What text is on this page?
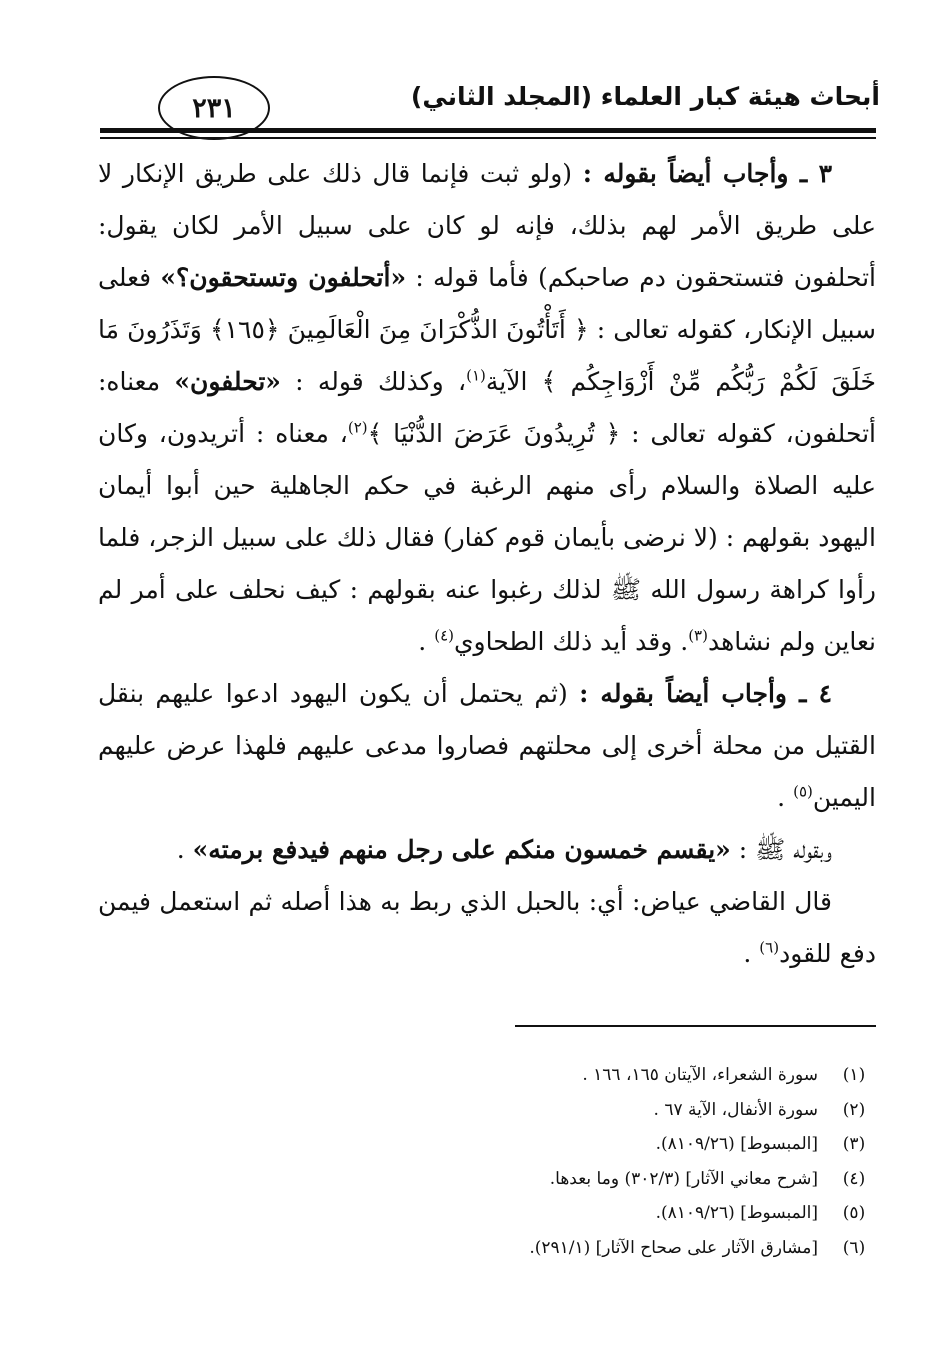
أبحاث هيئة كبار العلماء (المجلد الثاني)
٢٣١

٣ ـ وأجاب أيضاً بقوله : (ولو ثبت فإنما قال ذلك على طريق الإنكار لا على طريق الأمر لهم بذلك، فإنه لو كان على سبيل الأمر لكان يقول: أتحلفون فتستحقون دم صاحبكم) فأما قوله : «أتحلفون وتستحقون؟» فعلى سبيل الإنكار، كقوله تعالى : ﴿ أَتَأْتُونَ الذُّكْرَانَ مِنَ الْعَالَمِينَ ﴿١٦٥﴾ وَتَذَرُونَ مَا خَلَقَ لَكُمْ رَبُّكُم مِّنْ أَزْوَاجِكُم ﴾ الآية$^{(١)}$، وكذلك قوله : «تحلفون» معناه: أتحلفون، كقوله تعالى : ﴿ تُرِيدُونَ عَرَضَ الدُّنْيَا ﴾$^{(٢)}$، معناه : أتريدون، وكان عليه الصلاة والسلام رأى منهم الرغبة في حكم الجاهلية حين أبوا أيمان اليهود بقولهم : (لا نرضى بأيمان قوم كفار) فقال ذلك على سبيل الزجر، فلما رأوا كراهة رسول الله ﷺ لذلك رغبوا عنه بقولهم : كيف نحلف على أمر لم نعاين ولم نشاهد$^{(٣)}$. وقد أيد ذلك الطحاوي$^{(٤)}$ .

٤ ـ وأجاب أيضاً بقوله : (ثم يحتمل أن يكون اليهود ادعوا عليهم بنقل القتيل من محلة أخرى إلى محلتهم فصاروا مدعى عليهم فلهذا عرض عليهم اليمين$^{(٥)}$ .

وبقوله ﷺ : «يقسم خمسون منكم على رجل منهم فيدفع برمته» .

قال القاضي عياض: أي: بالحبل الذي ربط به هذا أصله ثم استعمل فيمن دفع للقود$^{(٦)}$ .

(١)
سورة الشعراء، الآيتان ١٦٥، ١٦٦ .
(٢)
سورة الأنفال، الآية ٦٧ .
(٣)
[المبسوط] (٨١٠٩/٢٦).
(٤)
[شرح معاني الآثار] (٣٠٢/٣) وما بعدها.
(٥)
[المبسوط] (٨١٠٩/٢٦).
(٦)
[مشارق الآثار على صحاح الآثار] (٢٩١/١).
